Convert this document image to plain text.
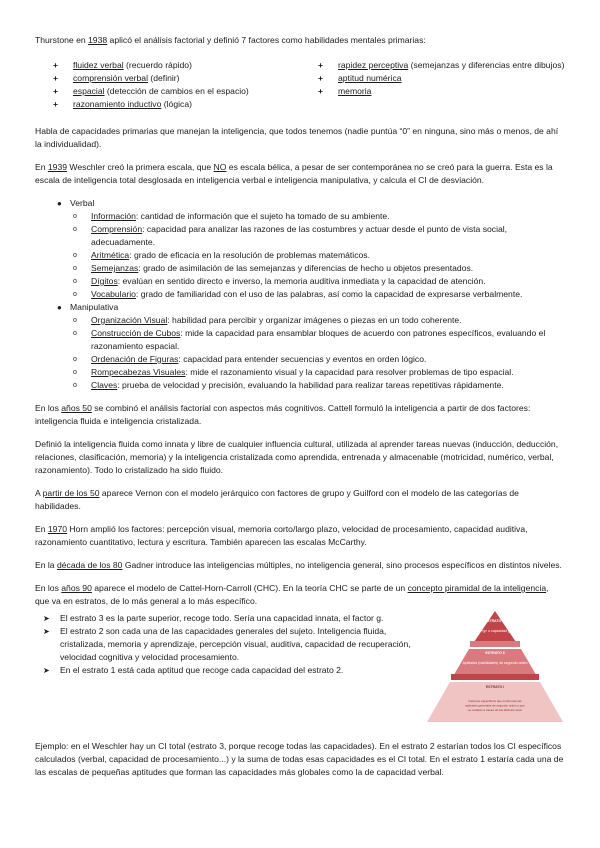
Thurstone en 1938 aplicó el análisis factorial y definió 7 factores como habilidades mentales primarias:

+	fluidez verbal (recuerdo rápido)
+	comprensión verbal (definir)
+	espacial (detección de cambios en el espacio)
+	razonamiento inductivo (lógica)
+	rapidez perceptiva (semejanzas y diferencias entre dibujos)
+	aptitud numérica
+	memoria

Habla de capacidades primarias que manejan la inteligencia, que todos tenemos (nadie puntúa “0” en ninguna, sino más o menos, de ahí la individualidad).

En 1939 Weschler creó la primera escala, que NO es escala bélica, a pesar de ser contemporánea no se creó para la guerra. Esta es la escala de inteligencia total desglosada en inteligencia verbal e inteligencia manipulativa, y calcula el CI de desviación.

● Verbal
o	Información: cantidad de información que el sujeto ha tomado de su ambiente.
o	Comprensión: capacidad para analizar las razones de las costumbres y actuar desde el punto de vista social, adecuadamente.
o	Aritmética: grado de eficacia en la resolución de problemas matemáticos.
o	Semejanzas: grado de asimilación de las semejanzas y diferencias de hecho u objetos presentados.
o	Dígitos: evalúan en sentido directo e inverso, la memoria auditiva inmediata y la capacidad de atención.
o	Vocabulario: grado de familiaridad con el uso de las palabras, así como la capacidad de expresarse verbalmente.
● Manipulativa
o	Organización Visual: habilidad para percibir y organizar imágenes o piezas en un todo coherente.
o	Construcción de Cubos: mide la capacidad para ensamblar bloques de acuerdo con patrones específicos, evaluando el razonamiento espacial.
o	Ordenación de Figuras: capacidad para entender secuencias y eventos en orden lógico.
o	Rompecabezas Visuales: mide el razonamiento visual y la capacidad para resolver problemas de tipo espacial.
o	Claves: prueba de velocidad y precisión, evaluando la habilidad para realizar tareas repetitivas rápidamente.

En los años 50 se combinó el análisis factorial con aspectos más cognitivos. Cattell formuló la inteligencia a partir de dos factores: inteligencia fluida e inteligencia cristalizada.

Definió la inteligencia fluida como innata y libre de cualquier influencia cultural, utilizada al aprender tareas nuevas (inducción, deducción, relaciones, clasificación, memoria) y la inteligencia cristalizada como aprendida, entrenada y almacenable (motricidad, numérico, verbal, razonamiento). Todo lo cristalizado ha sido fluido.

A partir de los 50 aparece Vernon con el modelo jerárquico con factores de grupo y Guilford con el modelo de las categorías de habilidades.

En 1970 Horn amplió los factores: percepción visual, memoria corto/largo plazo, velocidad de procesamiento, capacidad auditiva, razonamiento cuantitativo, lectura y escritura. También aparecen las escalas McCarthy.

En la década de los 80 Gadner introduce las inteligencias múltiples, no inteligencia general, sino procesos específicos en distintos niveles.

En los años 90 aparece el modelo de Cattel-Horn-Carroll (CHC). En la teoría CHC se parte de un concepto piramidal de la inteligencia, que va en estratos, de lo más general a lo más específico.

➤	El estrato 3 es la parte superior, recoge todo. Sería una capacidad innata, el factor g.
➤	El estrato 2 son cada una de las capacidades generales del sujeto. Inteligencia fluida, cristalizada, memoria y aprendizaje, percepción visual, auditiva, capacidad de recuperación, velocidad cognitiva y velocidad procesamiento.
➤	En el estrato 1 está cada aptitud que recoge cada capacidad del estrato 2.
ESTRATO III
Factor «g» o capacidad general
ESTRATO II
Aptitudes (habilidades) de segundo orden
ESTRATO I
Factores específicos que conforman las aptitudes generales de segundo orden y que se evalúan a través de los distintos tests

Ejemplo: en el Weschler hay un CI total (estrato 3, porque recoge todas las capacidades). En el estrato 2 estarían todos los CI específicos calculados (verbal, capacidad de procesamiento...) y la suma de todas esas capacidades es el CI total. En el estrato 1 estaría cada una de las escalas de pequeñas aptitudes que forman las capacidades más globales como la de capacidad verbal.
